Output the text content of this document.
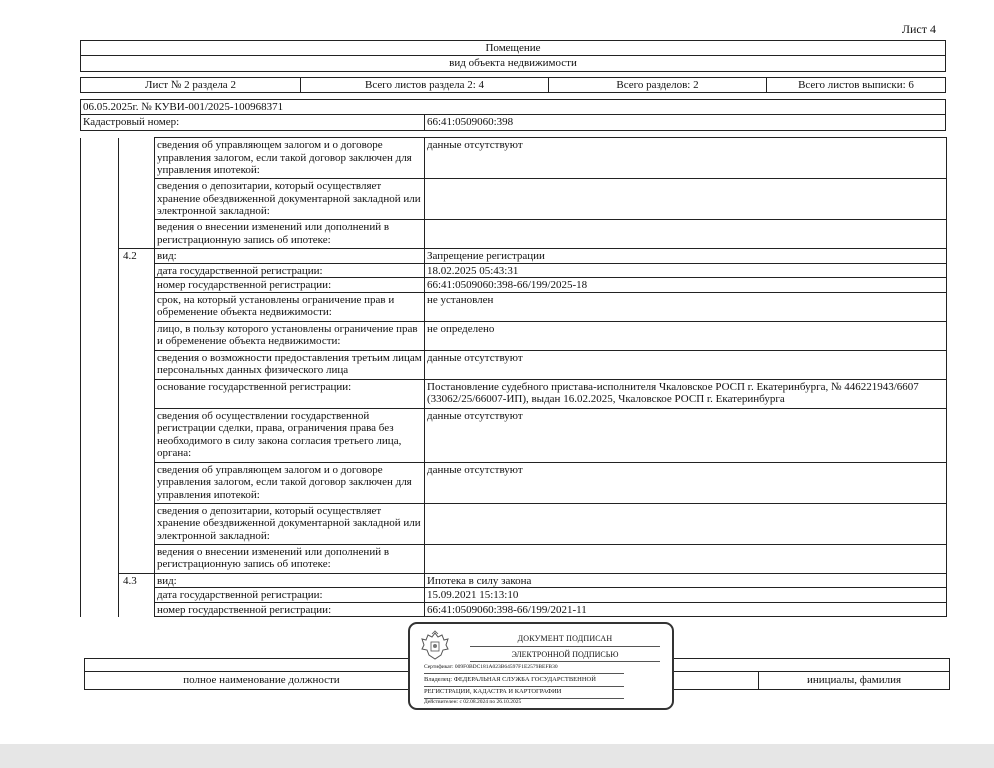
Лист 4
Помещение
вид объекта недвижимости
Лист № 2 раздела 2	Всего листов раздела 2: 4	Всего разделов: 2	Всего листов выписки: 6
06.05.2025г. № КУВИ-001/2025-100968371
Кадастровый номер:	66:41:0509060:398
		сведения об управляющем залогом и о договоре управления залогом, если такой договор заключен для управления ипотекой:	данные отсутствуют
		сведения о депозитарии, который осуществляет хранение обездвиженной документарной закладной или электронной закладной:	
		ведения о внесении изменений или дополнений в регистрационную запись об ипотеке:	
	4.2	вид:	Запрещение регистрации
		дата государственной регистрации:	18.02.2025 05:43:31
		номер государственной регистрации:	66:41:0509060:398-66/199/2025-18
		срок, на который установлены ограничение прав и обременение объекта недвижимости:	не установлен
		лицо, в пользу которого установлены ограничение прав и обременение объекта недвижимости:	не определено
		сведения о возможности предоставления третьим лицам персональных данных физического лица	данные отсутствуют
		основание государственной регистрации:	Постановление судебного пристава-исполнителя Чкаловское РОСП г. Екатеринбурга, № 446221943/6607 (33062/25/66007-ИП), выдан 16.02.2025, Чкаловское РОСП г. Екатеринбурга
		сведения об осуществлении государственной регистрации сделки, права, ограничения права без необходимого в силу закона согласия третьего лица, органа:	данные отсутствуют
		сведения об управляющем залогом и о договоре управления залогом, если такой договор заключен для управления ипотекой:	данные отсутствуют
		сведения о депозитарии, который осуществляет хранение обездвиженной документарной закладной или электронной закладной:	
		ведения о внесении изменений или дополнений в регистрационную запись об ипотеке:	
	4.3	вид:	Ипотека в силу закона
		дата государственной регистрации:	15.09.2021 15:13:10
		номер государственной регистрации:	66:41:0509060:398-66/199/2021-11
полное наименование должности	инициалы, фамилия
ДОКУМЕНТ ПОДПИСАН
ЭЛЕКТРОННОЙ ПОДПИСЬЮ
Сертификат: 009F0BDC181A023B64597F1E2579BEFB30
Владелец: ФЕДЕРАЛЬНАЯ СЛУЖБА ГОСУДАРСТВЕННОЙ
РЕГИСТРАЦИИ, КАДАСТРА И КАРТОГРАФИИ
Действителен: с 02.08.2024 по 26.10.2025
